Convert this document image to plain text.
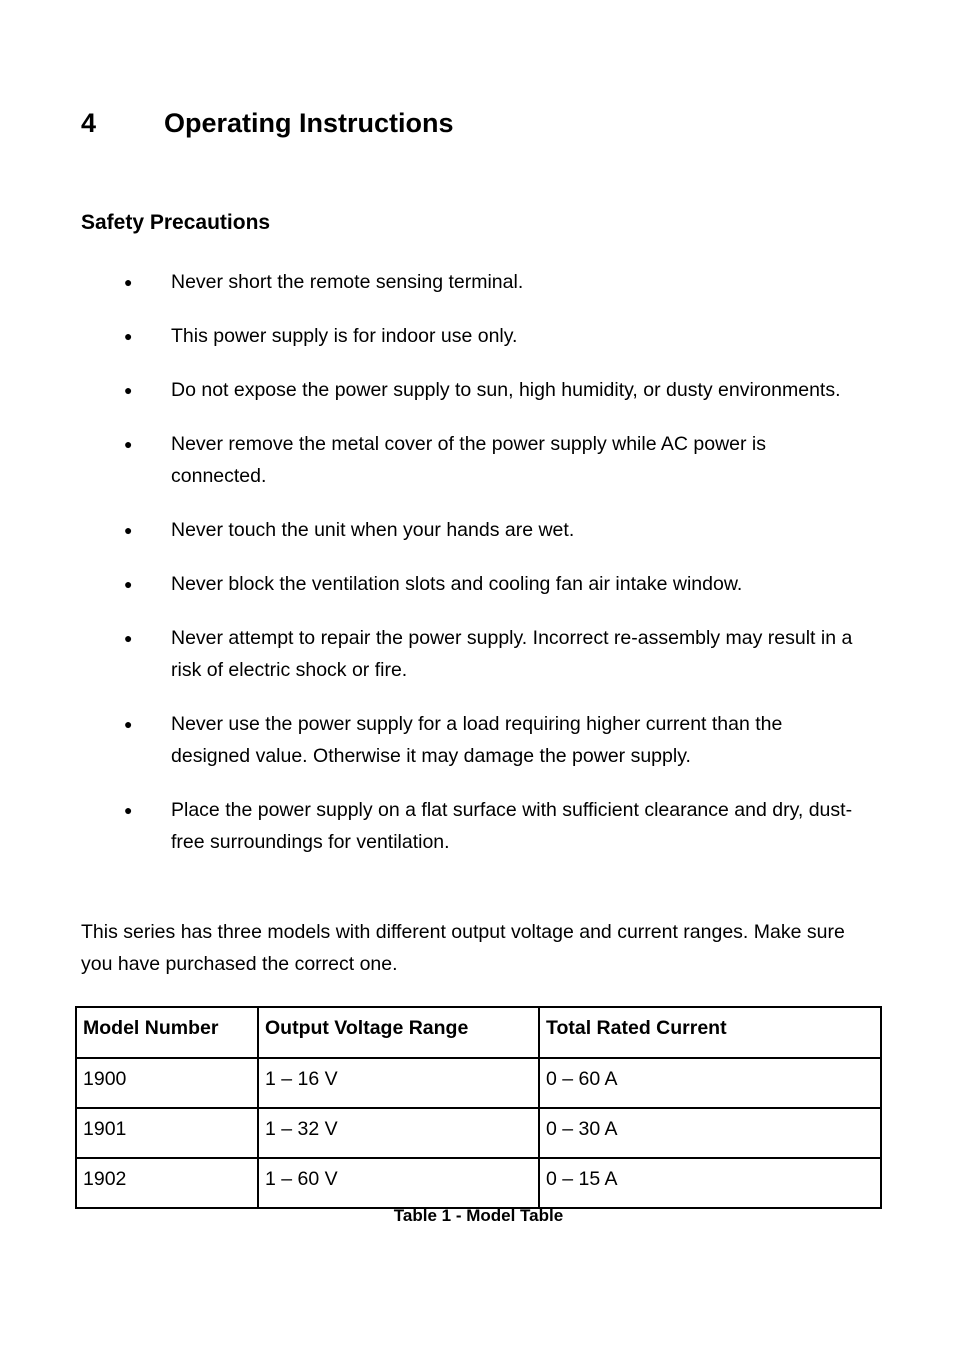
4	Operating Instructions
Safety Precautions
●	Never short the remote sensing terminal.
●	This power supply is for indoor use only.
●	Do not expose the power supply to sun, high humidity, or dusty environments.
●	Never remove the metal cover of the power supply while AC power is connected.
●	Never touch the unit when your hands are wet.
●	Never block the ventilation slots and cooling fan air intake window.
●	Never attempt to repair the power supply. Incorrect re-assembly may result in a risk of electric shock or fire.
●	Never use the power supply for a load requiring higher current than the designed value. Otherwise it may damage the power supply.
●	Place the power supply on a flat surface with sufficient clearance and dry, dust-free surroundings for ventilation.

This series has three models with different output voltage and current ranges. Make sure you have purchased the correct one.

Model Number	Output Voltage Range	Total Rated Current
1900	1 – 16 V	0 – 60 A
1901	1 – 32 V	0 – 30 A
1902	1 – 60 V	0 – 15 A
Table 1 - Model Table
